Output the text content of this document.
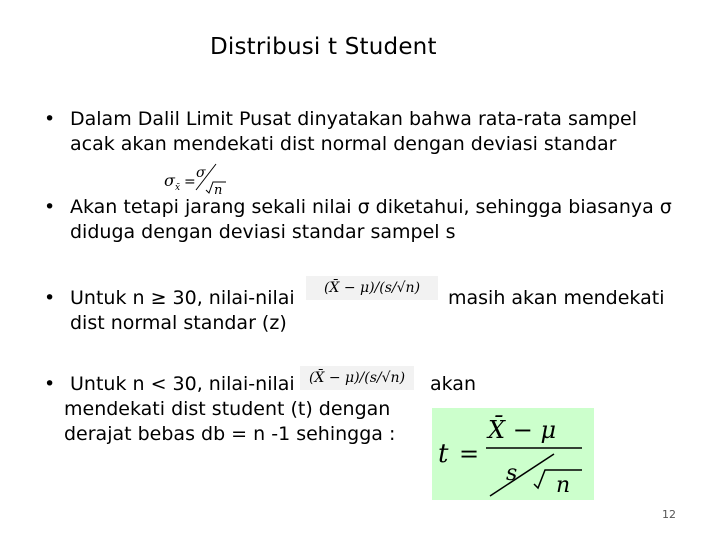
Distribusi t Student
• Dalam Dalil Limit Pusat dinyatakan bahwa rata-rata sampel
acak akan mendekati dist normal dengan deviasi standar
σ x̄ =
σ
n
• Akan tetapi jarang sekali nilai σ diketahui, sehingga biasanya σ
diduga dengan deviasi standar sampel s
• Untuk n ≥ 30, nilai-nilai
dist normal standar (z)
(X̄ − μ)/(s/√n) masih akan mendekati
• Untuk n < 30, nilai-nilai
mendekati dist student (t) dengan
derajat bebas db = n -1 sehingga :
(X̄ − μ)/(s/√n) akan
t =
X̄ − μ
s n
12
